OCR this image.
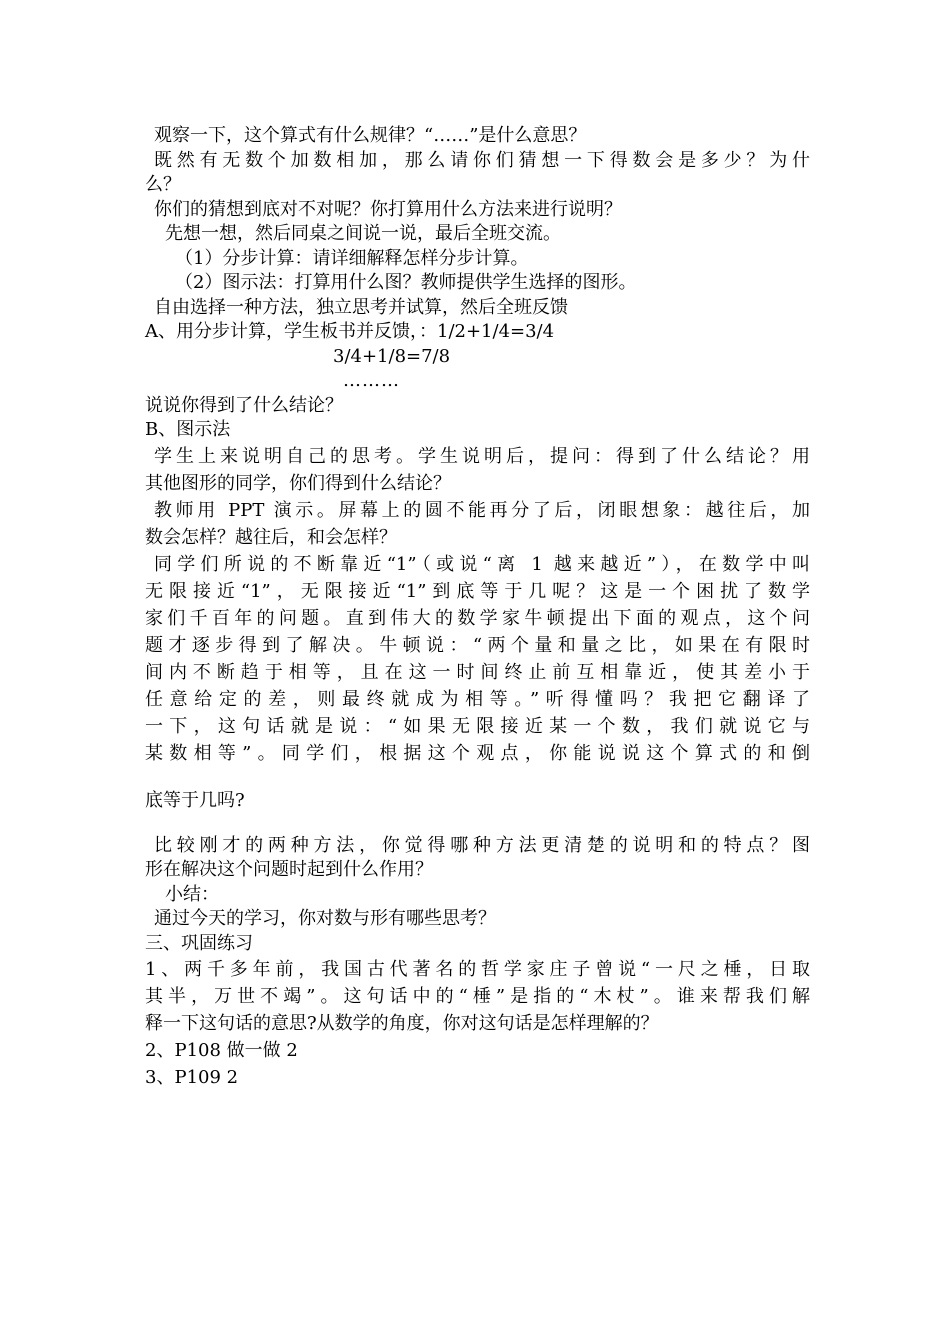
观察一下，这个算式有什么规律？“……”是什么意思？
既然有无数个加数相加，那么请你们猜想一下得数会是多少？为什
么？
你们的猜想到底对不对呢？你打算用什么方法来进行说明？
先想一想，然后同桌之间说一说，最后全班交流。
（1）分步计算：请详细解释怎样分步计算。
（2）图示法：打算用什么图？教师提供学生选择的图形。
自由选择一种方法，独立思考并试算，然后全班反馈
A、用分步计算，学生板书并反馈，：1/2+1/4=3/4
3/4+1/8=7/8
………
说说你得到了什么结论？
B、图示法
学生上来说明自己的思考。学生说明后，提问：得到了什么结论？用
其他图形的同学，你们得到什么结论？
教师用 PPT 演示。屏幕上的圆不能再分了后，闭眼想象：越往后，加
数会怎样？越往后，和会怎样？
同学们所说的不断靠近“1”（或说“离 1 越来越近”），在数学中叫
无限接近“1”，无限接近“1”到底等于几呢？这是一个困扰了数学
家们千百年的问题。直到伟大的数学家牛顿提出下面的观点，这个问
题才逐步得到了解决。牛顿说：“两个量和量之比，如果在有限时
间内不断趋于相等，且在这一时间终止前互相靠近，使其差小于
任意给定的差，则最终就成为相等。”听得懂吗？我把它翻译了
一下，这句话就是说：“如果无限接近某一个数，我们就说它与
某数相等”。同学们，根据这个观点，你能说说这个算式的和倒
底等于几吗?
比较刚才的两种方法，你觉得哪种方法更清楚的说明和的特点？图
形在解决这个问题时起到什么作用？
小结：
通过今天的学习，你对数与形有哪些思考？
三、巩固练习
1、两千多年前，我国古代著名的哲学家庄子曾说“一尺之棰，日取
其半，万世不竭”。这句话中的“棰”是指的“木杖”。谁来帮我们解
释一下这句话的意思?从数学的角度，你对这句话是怎样理解的？
2、P108 做一做 2
3、P109 2
